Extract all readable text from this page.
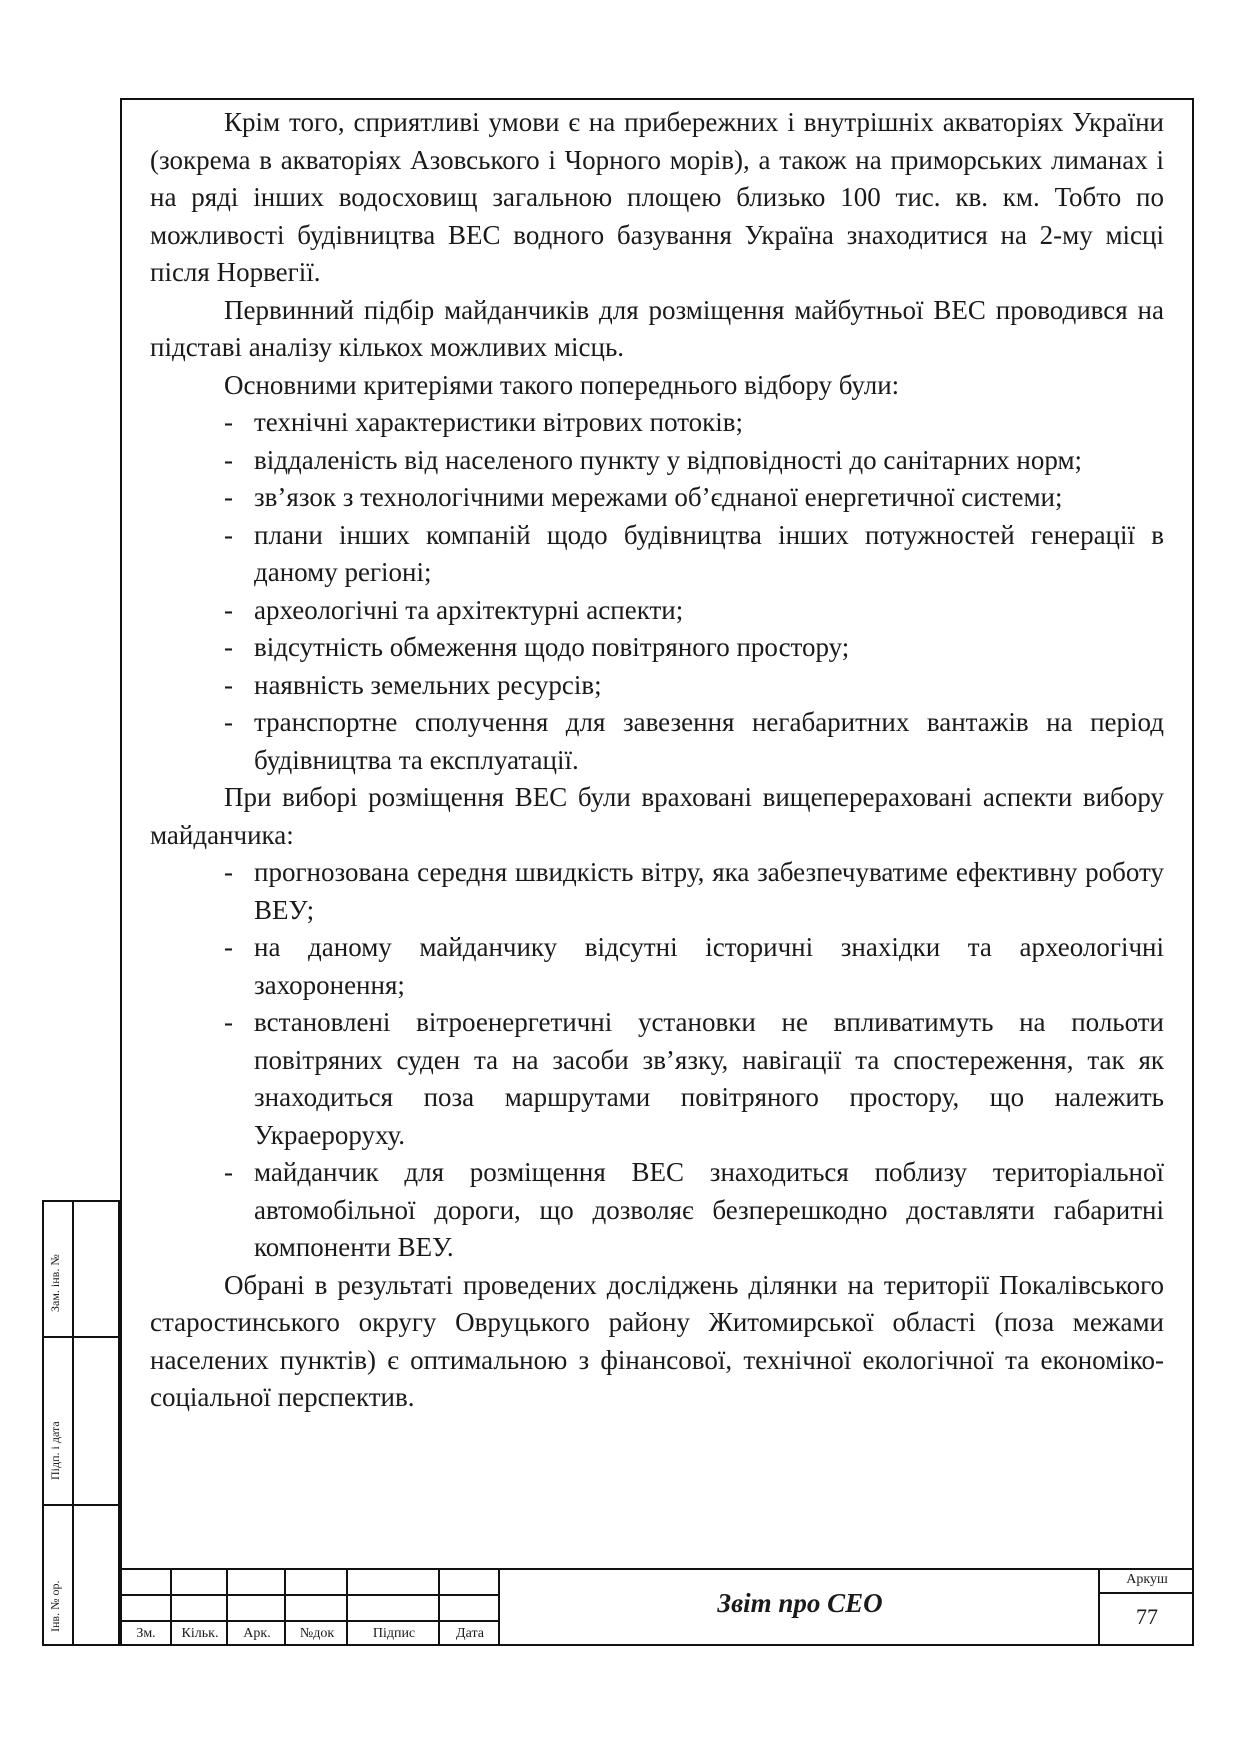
Крім того, сприятливі умови є на прибережних і внутрішніх акваторіях України (зокрема в акваторіях Азовського і Чорного морів), а також на приморських лиманах і на ряді інших водосховищ загальною площею близько 100 тис. кв. км. Тобто по можливості будівництва ВЕС водного базування Україна знаходитися на 2-му місці після Норвегії.

Первинний підбір майданчиків для розміщення майбутньої ВЕС проводився на підставі аналізу кількох можливих місць.

Основними критеріями такого попереднього відбору були:

- технічні характеристики вітрових потоків;

- віддаленість від населеного пункту у відповідності до санітарних норм;

- зв’язок з технологічними мережами об’єднаної енергетичної системи;

- плани інших компаній щодо будівництва інших потужностей генерації в даному регіоні;

- археологічні та архітектурні аспекти;

- відсутність обмеження щодо повітряного простору;

- наявність земельних ресурсів;

- транспортне сполучення для завезення негабаритних вантажів на період будівництва та експлуатації.

При виборі розміщення ВЕС були враховані вищеперераховані аспекти вибору майданчика:

- прогнозована середня швидкість вітру, яка забезпечуватиме ефективну роботу ВЕУ;

- на даному майданчику відсутні історичні знахідки та археологічні захоронення;

- встановлені вітроенергетичні установки не впливатимуть на польоти повітряних суден та на засоби зв’язку, навігації та спостереження, так як знаходиться поза маршрутами повітряного простору, що належить Украероруху.

- майданчик для розміщення ВЕС знаходиться поблизу територіальної автомобільної дороги, що дозволяє безперешкодно доставляти габаритні компоненти ВЕУ.

Обрані в результаті проведених досліджень ділянки на території Покалівського старостинського округу Овруцького району Житомирської області (поза межами населених пунктів) є оптимальною з фінансової, технічної екологічної та економіко-соціальної перспектив.

Зам. інв. №
Підп. і дата
Інв. № ор.
Зм.	Кільк.	Арк.	№док	Підпис	Дата
Звіт про СЕО
Аркуш
77
